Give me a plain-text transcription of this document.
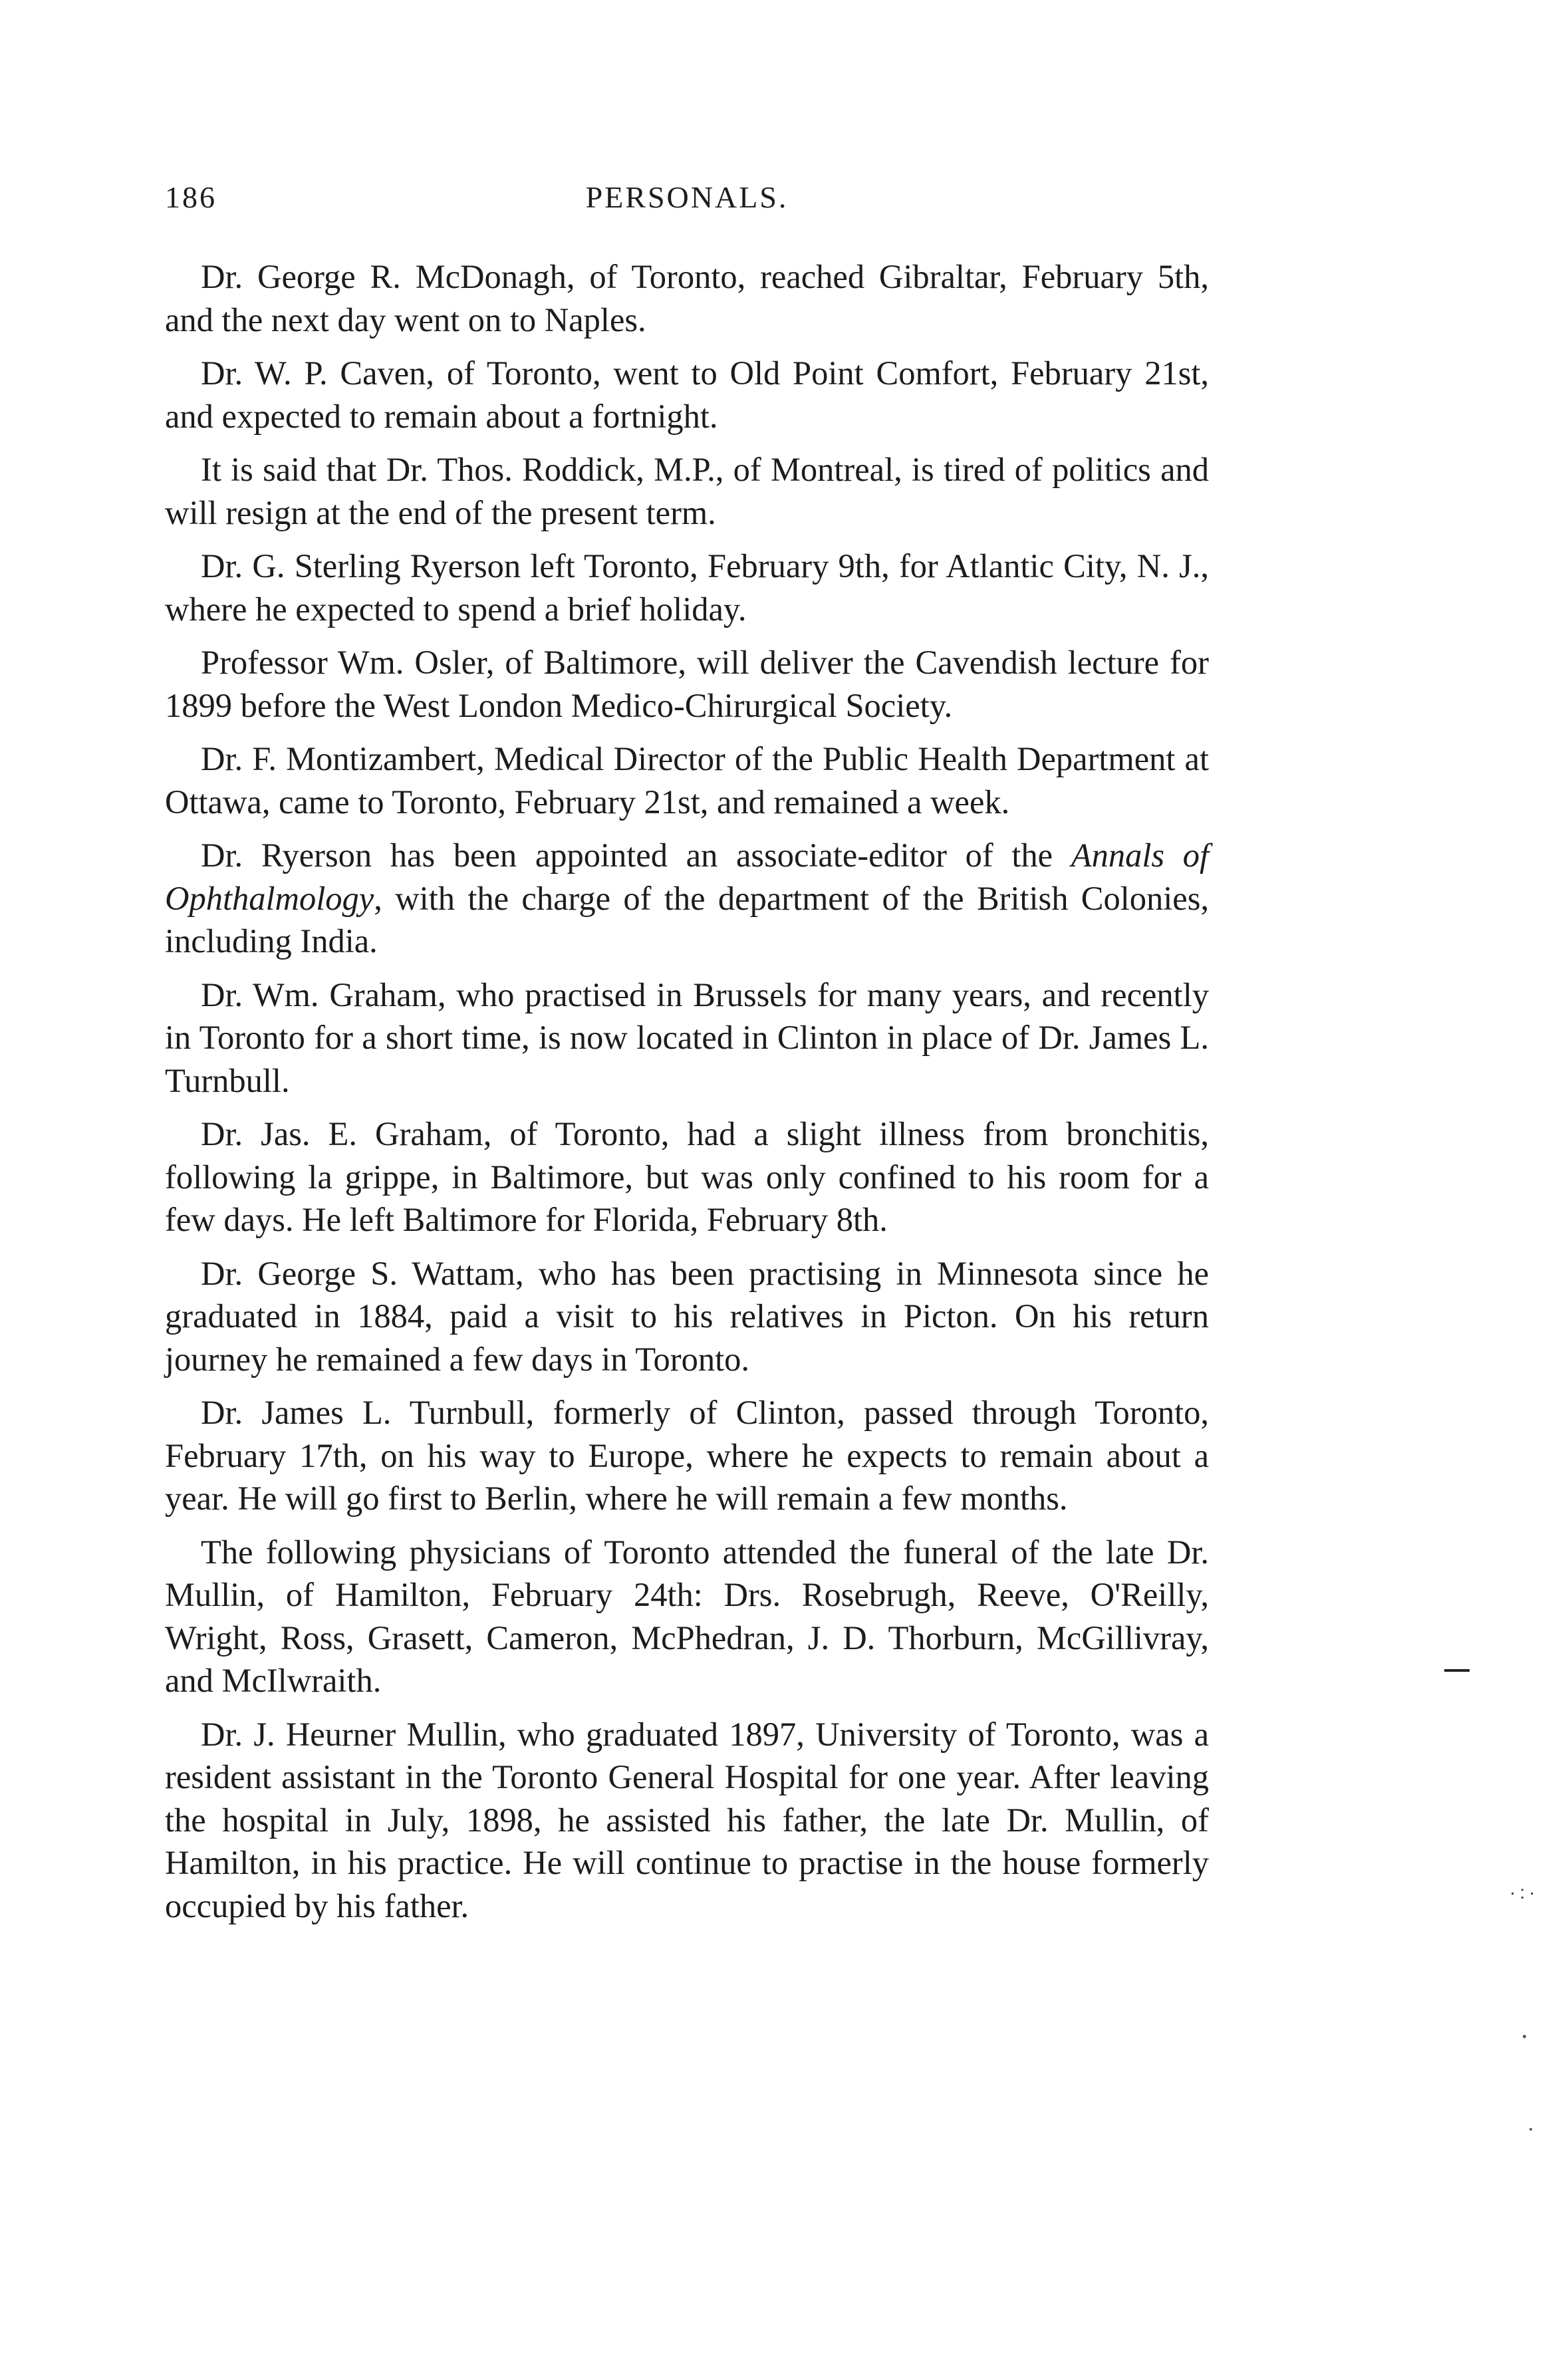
186	PERSONALS.

Dr. George R. McDonagh, of Toronto, reached Gibraltar, February 5th, and the next day went on to Naples.

Dr. W. P. Caven, of Toronto, went to Old Point Comfort, February 21st, and expected to remain about a fortnight.

It is said that Dr. Thos. Roddick, M.P., of Montreal, is tired of politics and will resign at the end of the present term.

Dr. G. Sterling Ryerson left Toronto, February 9th, for Atlantic City, N. J., where he expected to spend a brief holiday.

Professor Wm. Osler, of Baltimore, will deliver the Cavendish lecture for 1899 before the West London Medico-Chirurgical Society.

Dr. F. Montizambert, Medical Director of the Public Health Department at Ottawa, came to Toronto, February 21st, and remained a week.

Dr. Ryerson has been appointed an associate-editor of the Annals of Ophthalmology, with the charge of the department of the British Colonies, including India.

Dr. Wm. Graham, who practised in Brussels for many years, and recently in Toronto for a short time, is now located in Clinton in place of Dr. James L. Turnbull.

Dr. Jas. E. Graham, of Toronto, had a slight illness from bronchitis, following la grippe, in Baltimore, but was only confined to his room for a few days. He left Baltimore for Florida, February 8th.

Dr. George S. Wattam, who has been practising in Minnesota since he graduated in 1884, paid a visit to his relatives in Picton. On his return journey he remained a few days in Toronto.

Dr. James L. Turnbull, formerly of Clinton, passed through Toronto, February 17th, on his way to Europe, where he expects to remain about a year. He will go first to Berlin, where he will remain a few months.

The following physicians of Toronto attended the funeral of the late Dr. Mullin, of Hamilton, February 24th: Drs. Rosebrugh, Reeve, O'Reilly, Wright, Ross, Grasett, Cameron, McPhedran, J. D. Thorburn, McGillivray, and McIlwraith.

Dr. J. Heurner Mullin, who graduated 1897, University of Toronto, was a resident assistant in the Toronto General Hospital for one year. After leaving the hospital in July, 1898, he assisted his father, the late Dr. Mullin, of Hamilton, in his practice. He will continue to practise in the house formerly occupied by his father.	·:·
